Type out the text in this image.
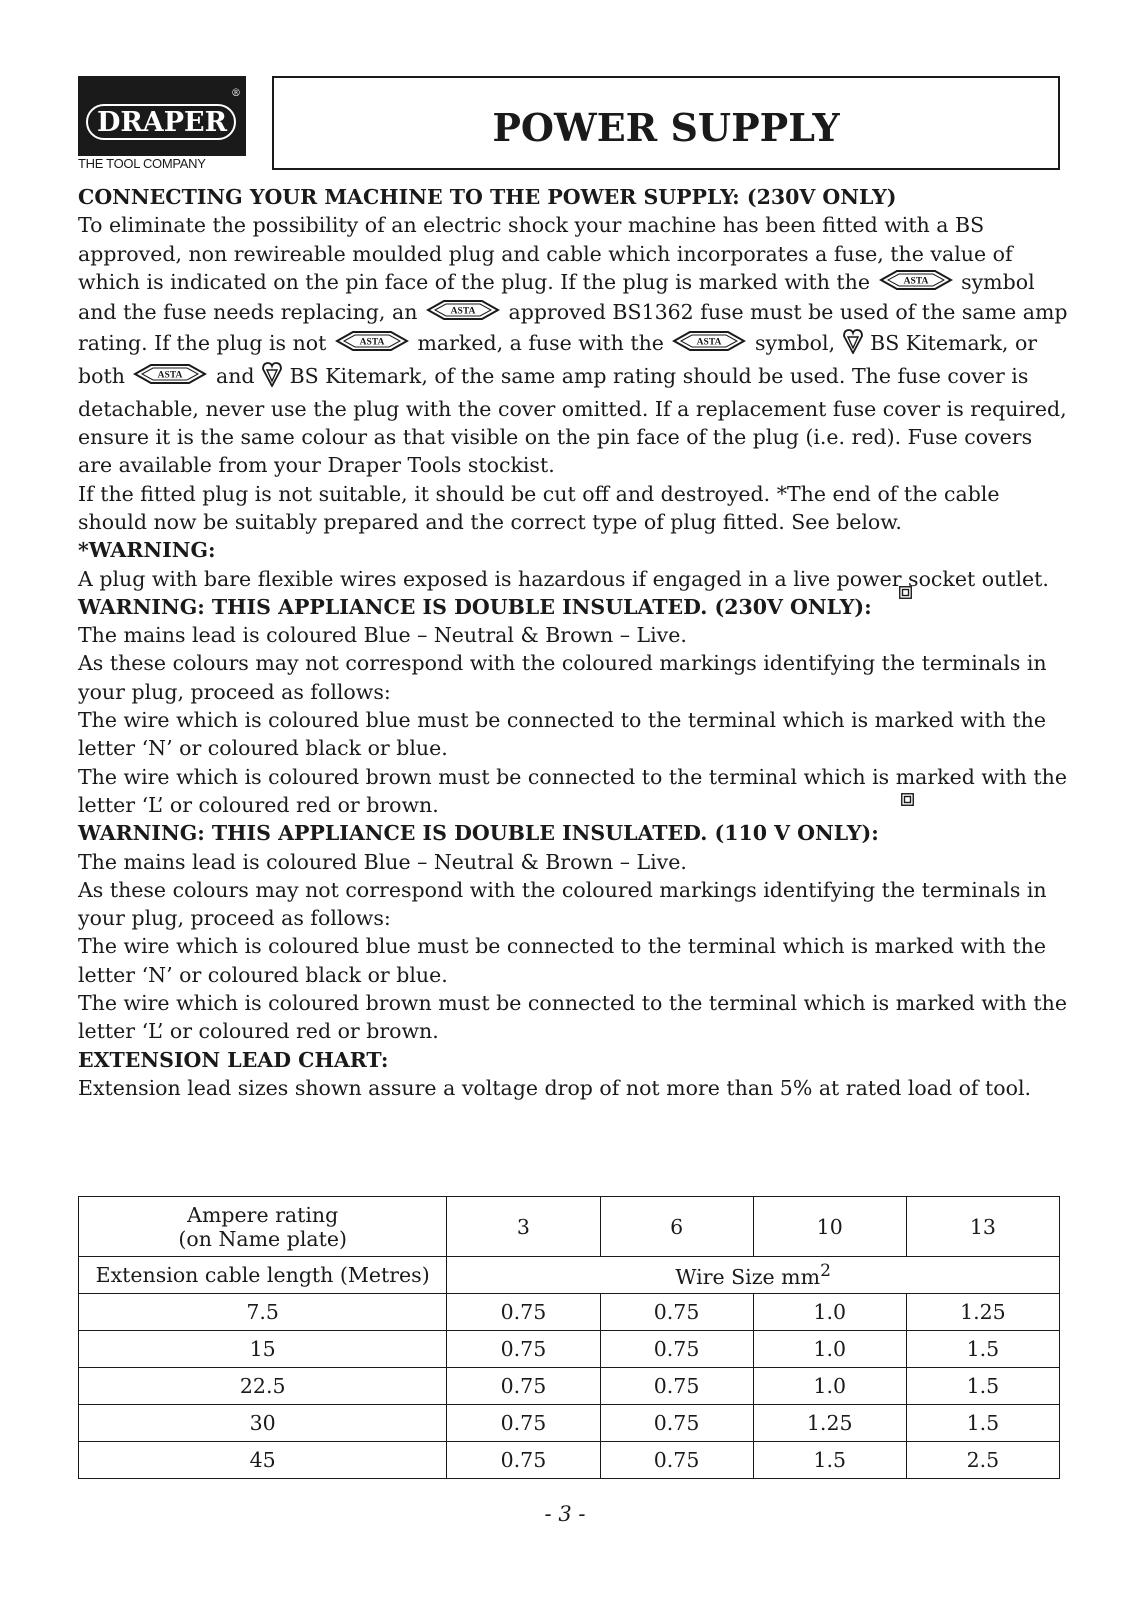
DRAPER
®
THE TOOL COMPANY
POWER SUPPLY

CONNECTING YOUR MACHINE TO THE POWER SUPPLY: (230V ONLY)

To eliminate the possibility of an electric shock your machine has been fitted with a BS approved, non rewireable moulded plug and cable which incorporates a fuse, the value of which is indicated on the pin face of the plug. If the plug is marked with the	ASTA symbol and the fuse needs replacing, an	ASTA approved BS1362 fuse must be used of the same amp rating. If the plug is not	ASTA marked, a fuse with the	ASTA symbol, BS Kitemark, or both	ASTA and BS Kitemark, of the same amp rating should be used. The fuse cover is detachable, never use the plug with the cover omitted. If a replacement fuse cover is required, ensure it is the same colour as that visible on the pin face of the plug (i.e. red). Fuse covers are available from your Draper Tools stockist.

If the fitted plug is not suitable, it should be cut off and destroyed. *The end of the cable should now be suitably prepared and the correct type of plug fitted. See below.

*WARNING:

A plug with bare flexible wires exposed is hazardous if engaged in a live power socket outlet.

WARNING: THIS APPLIANCE IS DOUBLE INSULATED. (230V ONLY):

The mains lead is coloured Blue – Neutral & Brown – Live.

As these colours may not correspond with the coloured markings identifying the terminals in your plug, proceed as follows:

The wire which is coloured blue must be connected to the terminal which is marked with the letter ‘N’ or coloured black or blue.

The wire which is coloured brown must be connected to the terminal which is marked with the letter ‘L’ or coloured red or brown.

WARNING: THIS APPLIANCE IS DOUBLE INSULATED. (110 V ONLY):

The mains lead is coloured Blue – Neutral & Brown – Live.

As these colours may not correspond with the coloured markings identifying the terminals in your plug, proceed as follows:

The wire which is coloured blue must be connected to the terminal which is marked with the letter ‘N’ or coloured black or blue.

The wire which is coloured brown must be connected to the terminal which is marked with the letter ‘L’ or coloured red or brown.

EXTENSION LEAD CHART:

Extension lead sizes shown assure a voltage drop of not more than 5% at rated load of tool.

Ampere rating
(on Name plate)	3	6	10	13
Extension cable length (Metres)	Wire Size $mm^2$
7.5	0.75	0.75	1.0	1.25
15	0.75	0.75	1.0	1.5
22.5	0.75	0.75	1.0	1.5
30	0.75	0.75	1.25	1.5
45	0.75	0.75	1.5	2.5
- 3 -
